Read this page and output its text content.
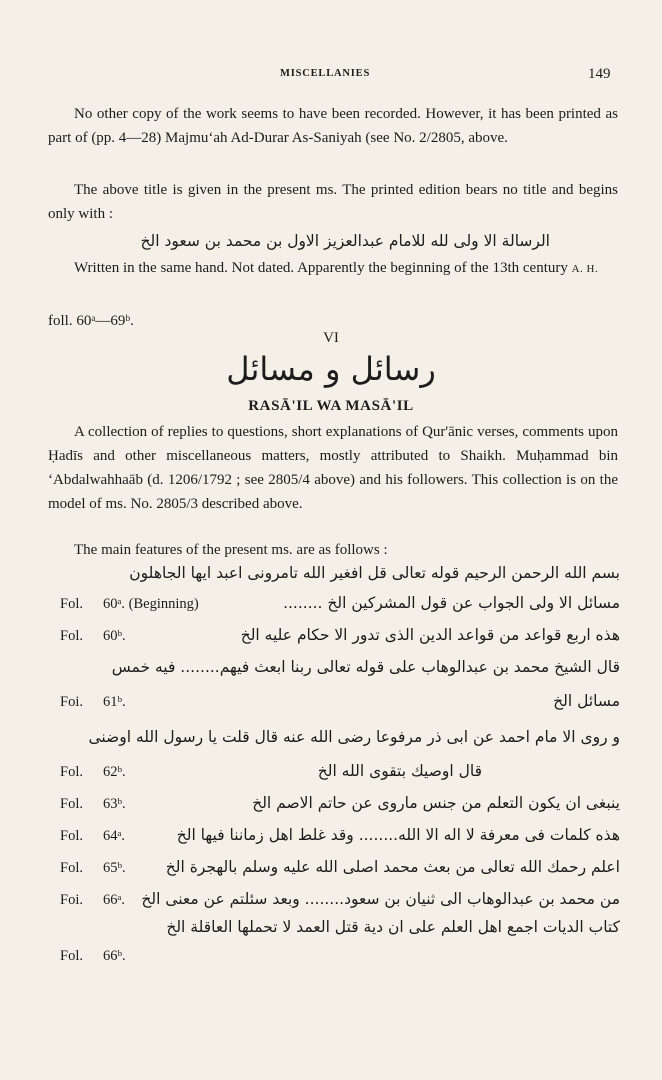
MISCELLANIES	149

No other copy of the work seems to have been recorded. However, it has been printed as part of (pp. 4—28) Majmu‘ah Ad-Durar As-Saniyah (see No. 2/2805, above.

The above title is given in the present ms. The printed edition bears no title and begins only with :

الرسالة الا ولى لله للامام عبدالعزيز الاول بن محمد بن سعود الخ

Written in the same hand. Not dated. Apparently the beginning of the 13th century A. H.

foll. 60ᵃ—69ᵇ.

VI

رسائل و مسائل

RASĀ'IL WA MASĀ'IL

A collection of replies to questions, short explanations of Qur'ānic verses, comments upon Ḥadīs and other miscellaneous matters, mostly attributed to Shaikh. Muḥammad bin ‘Abdalwahhaāb (d. 1206/1792 ; see 2805/4 above) and his followers. This collection is on the model of ms. No. 2805/3 described above.

The main features of the present ms. are as follows :

بسم الله الرحمن الرحيم قوله تعالى قل افغير الله تامرونى اعبد ايها الجاهلون
Fol. 60ᵃ. (Beginning)	مسائل الا ولى الجواب عن قول المشركين الخ ........
Fol. 60ᵇ.	هذه اربع قواعد من قواعد الدين الذى تدور الا حكام عليه الخ
قال الشيخ محمد بن عبدالوهاب على قوله تعالى ربنا ابعث فيهم........ فيه خمس
Foi. 61ᵇ.	مسائل الخ
و روى الا مام احمد عن ابى ذر مرفوعا رضى الله عنه قال قلت يا رسول الله اوضنى
Fol. 62ᵇ.	قال اوصيك بتقوى الله الخ
Fol. 63ᵇ.	ينبغى ان يكون التعلم من جنس ماروى عن حاتم الاصم الخ
Fol. 64ᵃ.	هذه كلمات فى معرفة لا اله الا الله........ وقد غلط اهل زماننا فيها الخ
Fol. 65ᵇ.	اعلم رحمك الله تعالى من بعث محمد اصلى الله عليه وسلم بالهجرة الخ
Foi. 66ᵃ. من محمد بن عبدالوهاب الى ثنيان بن سعود........ وبعد سئلتم عن معنى الخ
كتاب الديات اجمع اهل العلم على ان دية قتل العمد لا تحملها العاقلة الخ
Fol. 66ᵇ.
